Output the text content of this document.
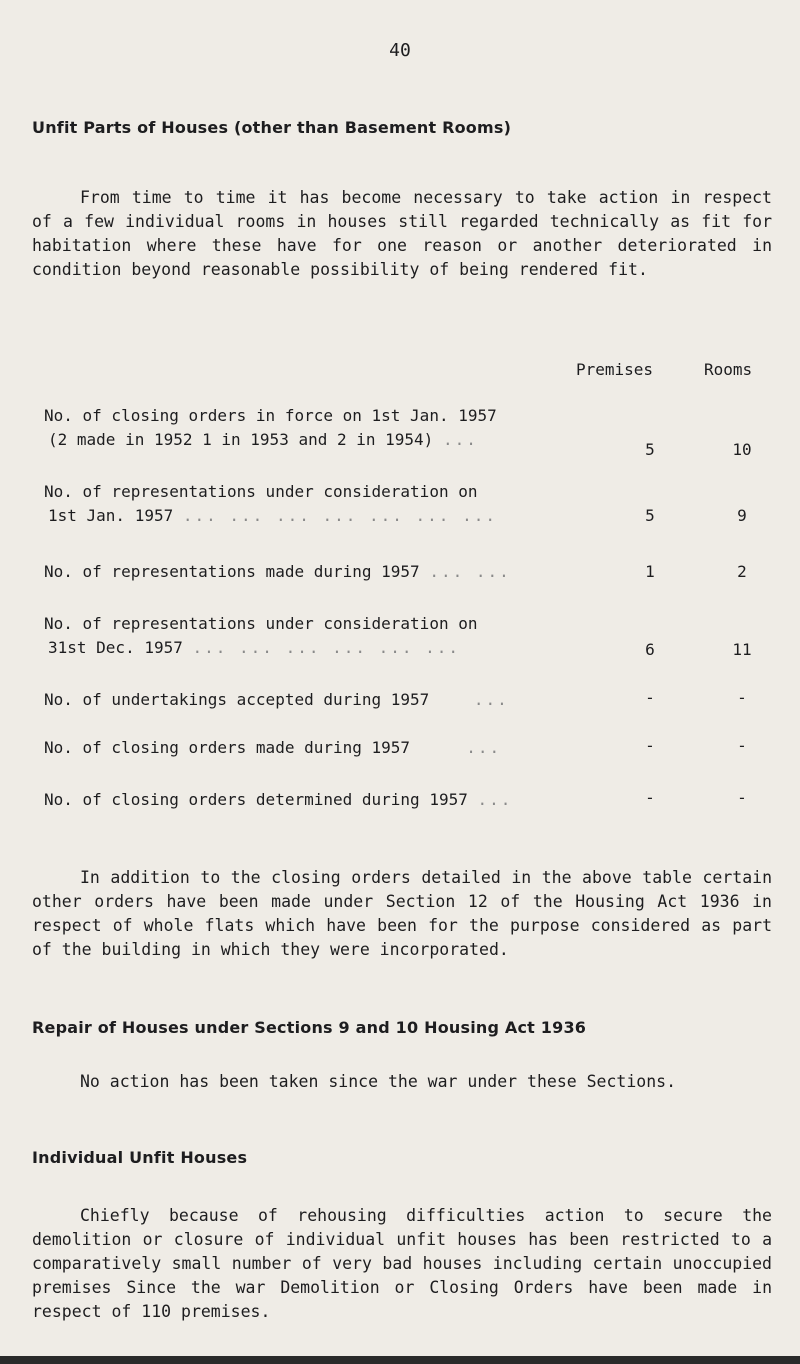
40
Unfit Parts of Houses (other than Basement Rooms)
From time to time it has become necessary to take action in respect of a few individual rooms in houses still regarded technically as fit for habitation where these have for one reason or another deteriorated in condition beyond reasonable possibility of being rendered fit.
Premises	Rooms
No. of closing orders in force on 1st Jan. 1957
(2 made in 1952 1 in 1953 and 2 in 1954) ...
5	10
No. of representations under consideration on
1st Jan. 1957 ... ... ... ... ... ... ...	5	9
No. of representations made during 1957 ... ...	1	2
No. of representations under consideration on
31st Dec. 1957 ... ... ... ... ... ...	6	11
No. of undertakings accepted during 1957    ...	-	-
No. of closing orders made during 1957     ...	-	-
No. of closing orders determined during 1957 ...	-	-
In addition to the closing orders detailed in the above table certain other orders have been made under Section 12 of the Housing Act 1936 in respect of whole flats which have been for the purpose considered as part of the building in which they were incorporated.
Repair of Houses under Sections 9 and 10 Housing Act 1936
No action has been taken since the war under these Sections.
Individual Unfit Houses
Chiefly because of rehousing difficulties action to secure the demolition or closure of individual unfit houses has been restricted to a comparatively small number of very bad houses including certain unoccupied premises Since the war Demolition or Closing Orders have been made in respect of 110 premises.
